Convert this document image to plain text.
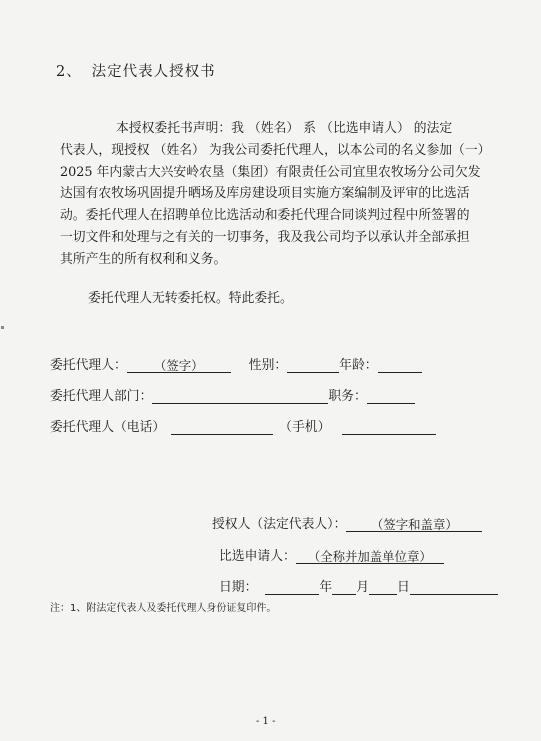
2、 法定代表人授权书
本授权委托书声明：我 （姓名） 系 （比选申请人） 的法定
代表人，现授权 （姓名） 为我公司委托代理人，以本公司的名义参加（一）
2025 年内蒙古大兴安岭农垦（集团）有限责任公司宜里农牧场分公司欠发
达国有农牧场巩固提升晒场及库房建设项目实施方案编制及评审的比选活
动。委托代理人在招聘单位比选活动和委托代理合同谈判过程中所签署的
一切文件和处理与之有关的一切事务，我及我公司均予以承认并全部承担
其所产生的所有权利和义务。
委托代理人无转委托权。特此委托。
委托代理人：	（签字）	性别：	年龄：
委托代理人部门：	职务：
委托代理人（电话）	（手机）
授权人（法定代表人）：	（签字和盖章）
比选申请人： （全称并加盖单位章）
日期：	年 月 日
注：1、附法定代表人及委托代理人身份证复印件。
- 1 -
